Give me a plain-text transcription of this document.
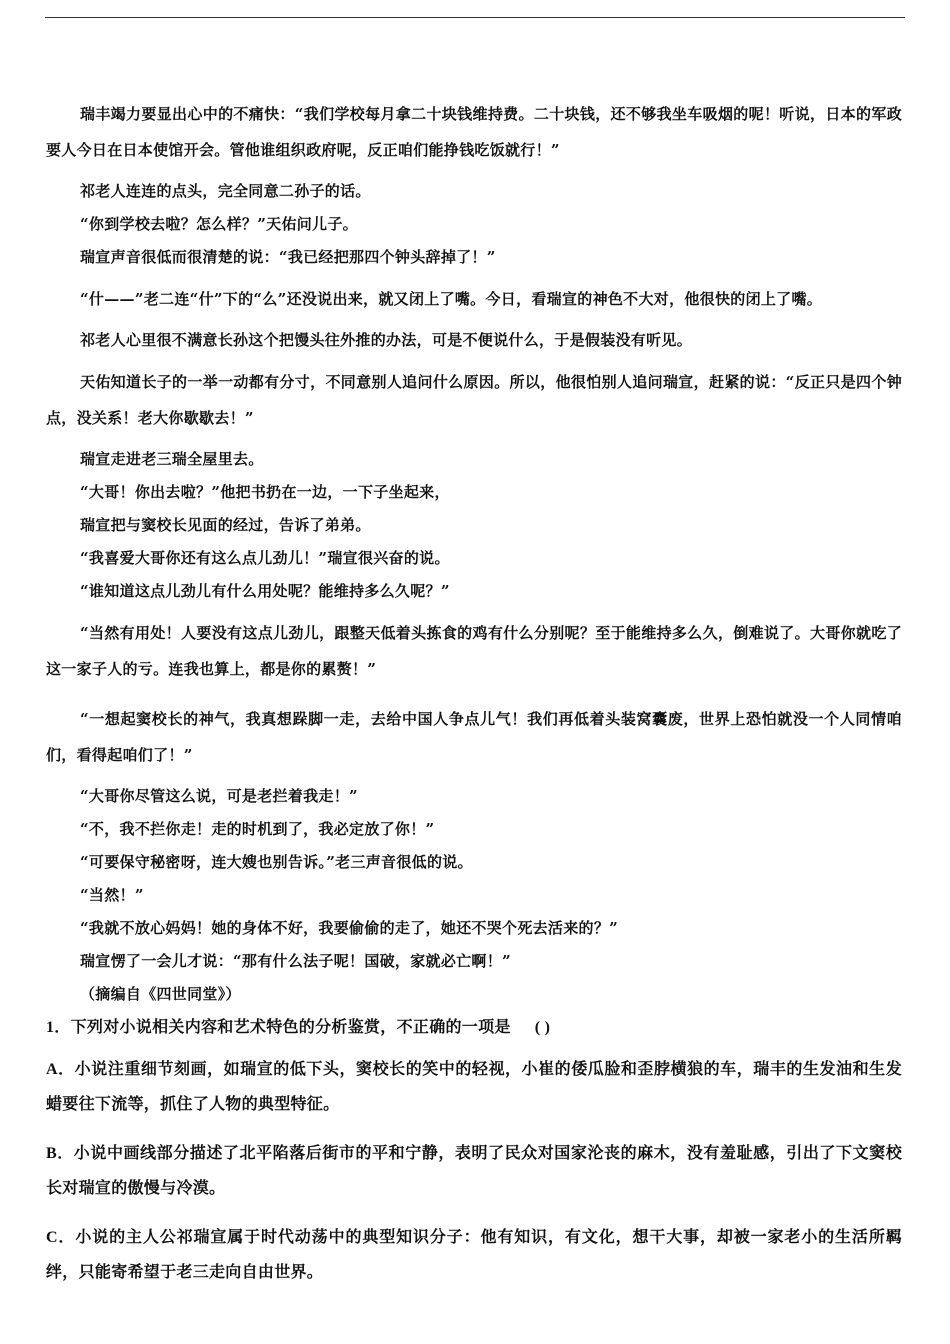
瑞丰竭力要显出心中的不痛快：“我们学校每月拿二十块钱维持费。二十块钱，还不够我坐车吸烟的呢！听说，日本的军政要人今日在日本使馆开会。管他谁组织政府呢，反正咱们能挣钱吃饭就行！”

祁老人连连的点头，完全同意二孙子的话。

“你到学校去啦？怎么样？”天佑问儿子。

瑞宣声音很低而很清楚的说：“我已经把那四个钟头辞掉了！”

“什——”老二连“什”下的“么”还没说出来，就又闭上了嘴。今日，看瑞宣的神色不大对，他很快的闭上了嘴。

祁老人心里很不满意长孙这个把馒头往外推的办法，可是不便说什么，于是假装没有听见。

天佑知道长子的一举一动都有分寸，不同意别人追问什么原因。所以，他很怕别人追问瑞宣，赶紧的说：“反正只是四个钟点，没关系！老大你歇歇去！”

瑞宣走进老三瑞全屋里去。

“大哥！你出去啦？”他把书扔在一边，一下子坐起来，

瑞宣把与窦校长见面的经过，告诉了弟弟。

“我喜爱大哥你还有这么点儿劲儿！”瑞宣很兴奋的说。

“谁知道这点儿劲儿有什么用处呢？能维持多么久呢？”

“当然有用处！人要没有这点儿劲儿，跟整天低着头拣食的鸡有什么分别呢？至于能维持多么久，倒难说了。大哥你就吃了这一家子人的亏。连我也算上，都是你的累赘！”

“一想起窦校长的神气，我真想跺脚一走，去给中国人争点儿气！我们再低着头装窝囊废，世界上恐怕就没一个人同情咱们，看得起咱们了！”

“大哥你尽管这么说，可是老拦着我走！”

“不，我不拦你走！走的时机到了，我必定放了你！”

“可要保守秘密呀，连大嫂也别告诉。”老三声音很低的说。

“当然！”

“我就不放心妈妈！她的身体不好，我要偷偷的走了，她还不哭个死去活来的？”

瑞宣愣了一会儿才说：“那有什么法子呢！国破，家就必亡啊！”

（摘编自《四世同堂》）

1．下列对小说相关内容和艺术特色的分析鉴赏，不正确的一项是 ( )

A．小说注重细节刻画，如瑞宣的低下头，窦校长的笑中的轻视，小崔的倭瓜脸和歪脖横狼的车，瑞丰的生发油和生发蜡要往下流等，抓住了人物的典型特征。

B．小说中画线部分描述了北平陷落后街市的平和宁静，表明了民众对国家沦丧的麻木，没有羞耻感，引出了下文窦校长对瑞宣的傲慢与冷漠。

C．小说的主人公祁瑞宣属于时代动荡中的典型知识分子：他有知识，有文化，想干大事，却被一家老小的生活所羁绊，只能寄希望于老三走向自由世界。
